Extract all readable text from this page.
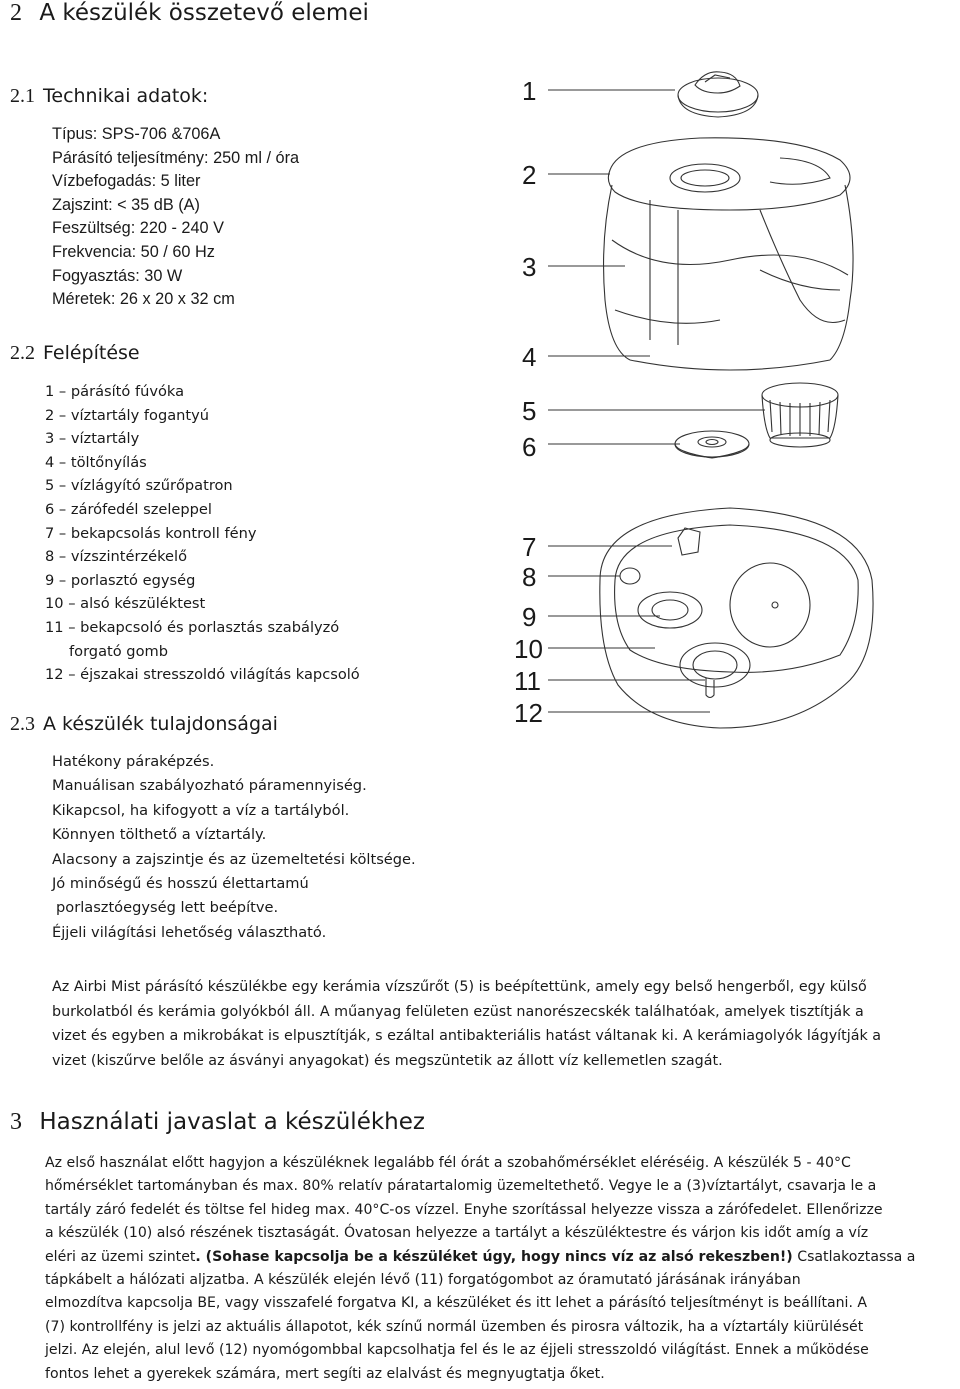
2 A készülék összetevő elemei
2.1 Technikai adatok:
Típus: SPS-706 &706A
Párásító teljesítmény: 250 ml / óra
Vízbefogadás: 5 liter
Zajszint: < 35 dB (A)
Feszültség: 220 - 240 V
Frekvencia: 50 / 60 Hz
Fogyasztás: 30 W
Méretek: 26 x 20 x 32 cm
2.2 Felépítése
1 – párásító fúvóka
2 – víztartály fogantyú
3 – víztartály
4 – töltőnyílás
5 – vízlágyító szűrőpatron
6 – zárófedél szeleppel
7 – bekapcsolás kontroll fény
8 – vízszintérzékelő
9 – porlasztó egység
10 – alsó készüléktest
11 – bekapcsoló és porlasztás szabályzó
forgató gomb
12 – éjszakai stresszoldó világítás kapcsoló
2.3 A készülék tulajdonságai
Hatékony páraképzés.
Manuálisan szabályozható páramennyiség.
Kikapcsol, ha kifogyott a víz a tartályból.
Könnyen tölthető a víztartály.
Alacsony a zajszintje és az üzemeltetési költsége.
Jó minőségű és hosszú élettartamú
porlasztóegység lett beépítve.
Éjjeli világítási lehetőség választható.
Az Airbi Mist párásító készülékbe egy kerámia vízszűrőt (5) is beépítettünk, amely egy belső hengerből, egy külső
burkolatból és kerámia golyókból áll. A műanyag felületen ezüst nanorészecskék találhatóak, amelyek tisztítják a
vizet és egyben a mikrobákat is elpusztítják, s ezáltal antibakteriális hatást váltanak ki. A kerámiagolyók lágyítják a
vizet (kiszűrve belőle az ásványi anyagokat) és megszüntetik az állott víz kellemetlen szagát.
3 Használati javaslat a készülékhez
Az első használat előtt hagyjon a készüléknek legalább fél órát a szobahőmérséklet eléréséig. A készülék 5 - 40°C
hőmérséklet tartományban és max. 80% relatív páratartalomig üzemeltethető. Vegye le a (3)víztartályt, csavarja le a
tartály záró fedelét és töltse fel hideg max. 40°C-os vízzel. Enyhe szorítással helyezze vissza a zárófedelet. Ellenőrizze
a készülék (10) alsó részének tisztaságát. Óvatosan helyezze a tartályt a készüléktestre és várjon kis időt amíg a víz
eléri az üzemi szintet. (Sohase kapcsolja be a készüléket úgy, hogy nincs víz az alsó rekeszben!) Csatlakoztassa a
tápkábelt a hálózati aljzatba. A készülék elején lévő (11) forgatógombot az óramutató járásának irányában
elmozdítva kapcsolja BE, vagy visszafelé forgatva KI, a készüléket és itt lehet a párásító teljesítményt is beállítani. A
(7) kontrollfény is jelzi az aktuális állapotot, kék színű normál üzemben és pirosra változik, ha a víztartály kiürülését
jelzi. Az elején, alul levő (12) nyomógombbal kapcsolhatja fel és le az éjjeli stresszoldó világítást. Ennek a működése
fontos lehet a gyerekek számára, mert segíti az elalvást és megnyugtatja őket.
1
2
3
4
5
6
7
8
9
10
11
12
